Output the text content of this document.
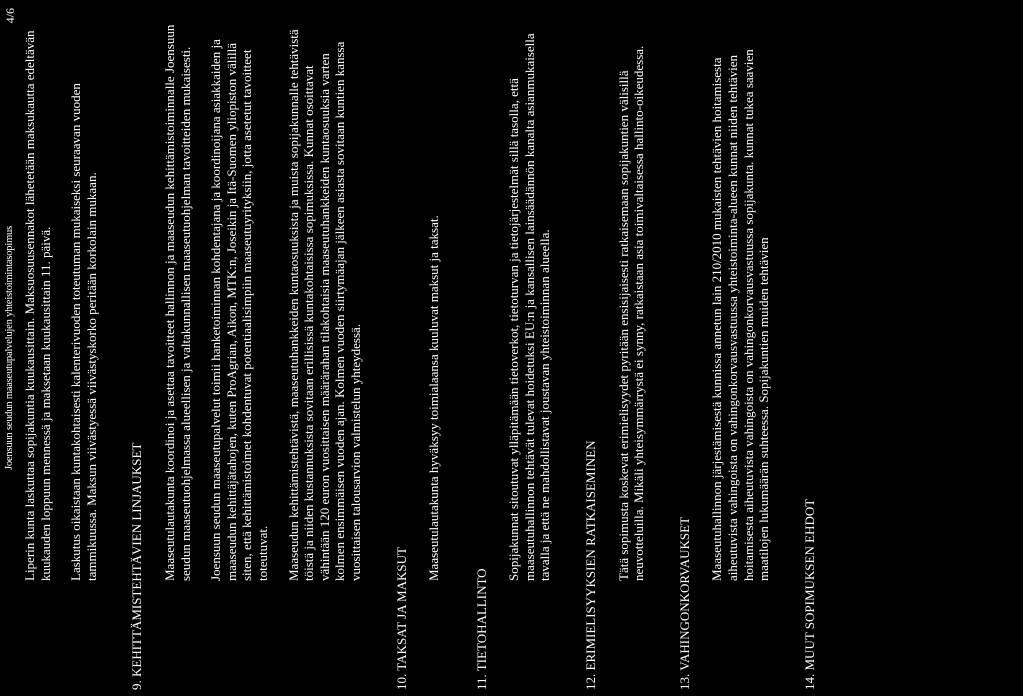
Joensuun seudun maaseutupalvelujen yhteistoimintasopimus
4/6

Liperin kunta laskuttaa sopijakuntia kuukausittain. Maksuosuusennakot lähetetään maksukautta edeltävän kuukauden loppuun mennessä ja maksetaan kuukausittain 11. päivä. Laskutus oikaistaan kuntakohtaisesti kalenterivuoden toteutuman mukaiseksi seuraavan vuoden tammikuussa. Maksun viivästyessä viivästyskorko peritään korkolain mukaan. 9. KEHITTÄMISTEHTÄVIEN LINJAUKSET Maaseutulautakunta koordinoi ja asettaa tavoitteet hallinnon ja maaseudun kehittämistoiminnalle Joensuun seudun maaseutuohjelmassa alueellisen ja valtakunnallisen maaseutuohjelman tavoitteiden mukaisesti. Joensuun seudun maaseutupalvelut toimii hanketoiminnan kohdentajana ja koordinoijana asiakkaiden ja maaseudun kehittäjätahojen, kuten ProAgrian, Aikon, MTK:n, Joseikin ja Itä-Suomen yliopiston välillä siten, että kehittämistoimet kohdentuvat potentiaalisimpiin maaseutuyrityksiin, jotta asetetut tavoitteet toteutuvat. Maaseudun kehittämistehtävistä, maaseutuhankkeiden kuntaosuuksista ja muista sopijakunnalle tehtävistä töistä ja niiden kustannuksista sovitaan erillisissä kuntakohtaisissa sopimuksissa. Kunnat osoittavat vähintään 120 euron vuosittaisen määrärahan tilakohtaisia maaseutuhankkeiden kuntaosuuksia varten kolmen ensimmäisen vuoden ajan. Kolmen vuoden siirtymäajan jälkeen asiasta sovitaan kuntien kanssa vuosittaisen talousarvion valmistelun yhteydessä.

10. TAKSAT JA MAKSUT

Maaseutulautakunta hyväksyy toimialaansa kuuluvat maksut ja taksat.

11. TIETOHALLINTO

Sopijakunnat sitoutuvat ylläpitämään tietoverkot, tietoturvan ja tietojärjestelmät sillä tasolla, että maaseutuhallinnon tehtävät tulevat hoidetuksi EU:n ja kansallisen lainsäädännön kanalta asianmukaisella tavalla ja että ne mahdollistavat joustavan yhteistoiminnan alueella. 12. ERIMIELISYYKSIEN RATKAISEMINEN Tätä sopimusta koskevat erimielisyydet pyritään ensisijaisesti ratkaisemaan sopijakuntien välisillä neuvotteluilla. Mikäli yhteisymmärrystä ei synny, ratkaistaan asia toimivaltaisessa hallinto-oikeudessa.

13. VAHINGONKORVAUKSET

Maaseutuhallinnon järjestämisestä kunnissa annetun lain 210/2010 mukaisten tehtävien hoitamisesta aiheutuvista vahingoista on vahingonkorvausvastuussa yhteistoiminta-alueen kunnat niiden tehtävien hoitamisesta aiheutuvista vahingoista on vahingonkorvausvastuussa sopijakunta. kunnat tukea saavien maatilojen lukumäärän suhteessa. Sopijakuntien muiden tehtävien

14. MUUT SOPIMUKSEN EHDOT
